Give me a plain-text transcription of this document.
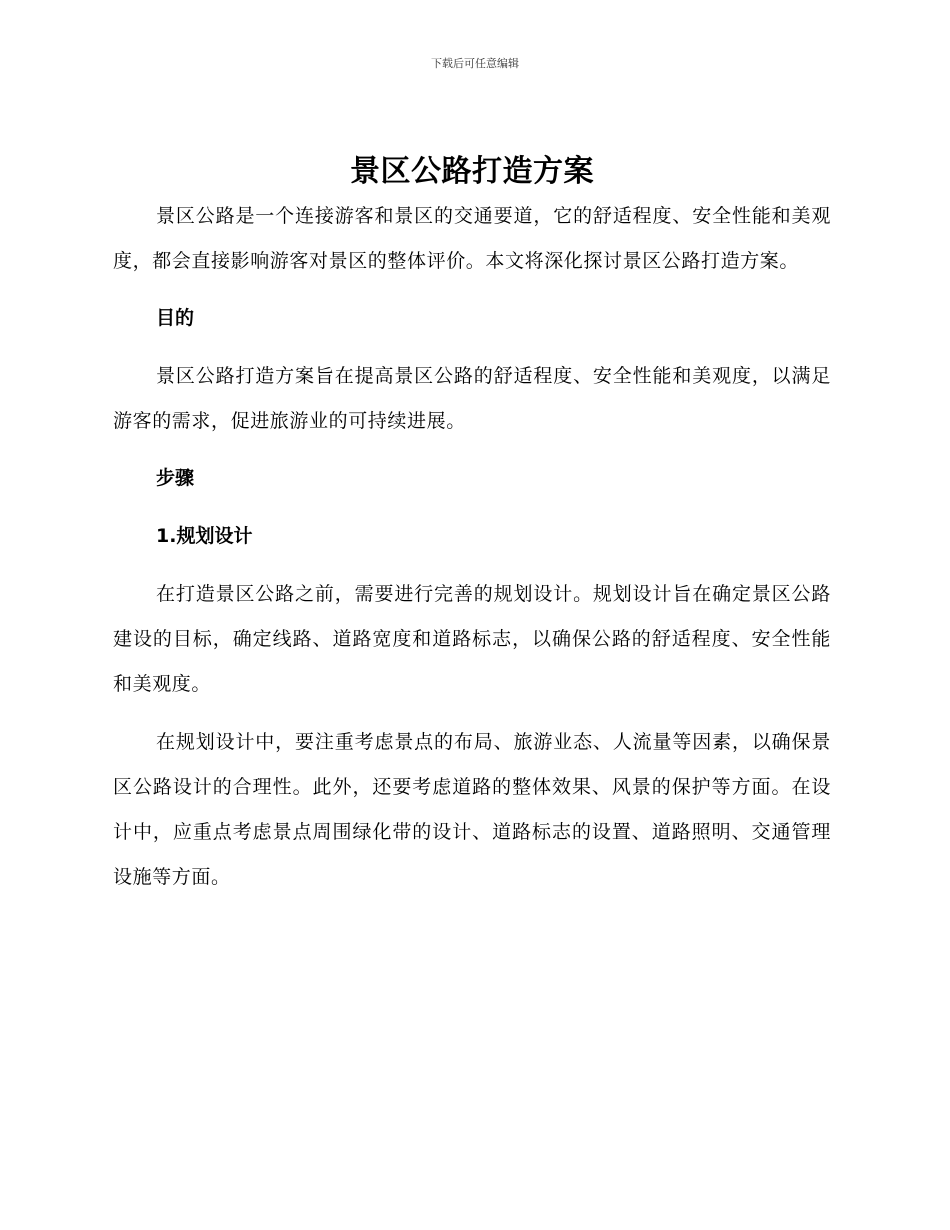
下载后可任意编辑
景区公路打造方案

景区公路是一个连接游客和景区的交通要道，它的舒适程度、安全性能和美观度，都会直接影响游客对景区的整体评价。本文将深化探讨景区公路打造方案。

目的

景区公路打造方案旨在提高景区公路的舒适程度、安全性能和美观度，以满足游客的需求，促进旅游业的可持续进展。

步骤

1.规划设计

在打造景区公路之前，需要进行完善的规划设计。规划设计旨在确定景区公路建设的目标，确定线路、道路宽度和道路标志，以确保公路的舒适程度、安全性能和美观度。

在规划设计中，要注重考虑景点的布局、旅游业态、人流量等因素，以确保景区公路设计的合理性。此外，还要考虑道路的整体效果、风景的保护等方面。在设计中，应重点考虑景点周围绿化带的设计、道路标志的设置、道路照明、交通管理设施等方面。
